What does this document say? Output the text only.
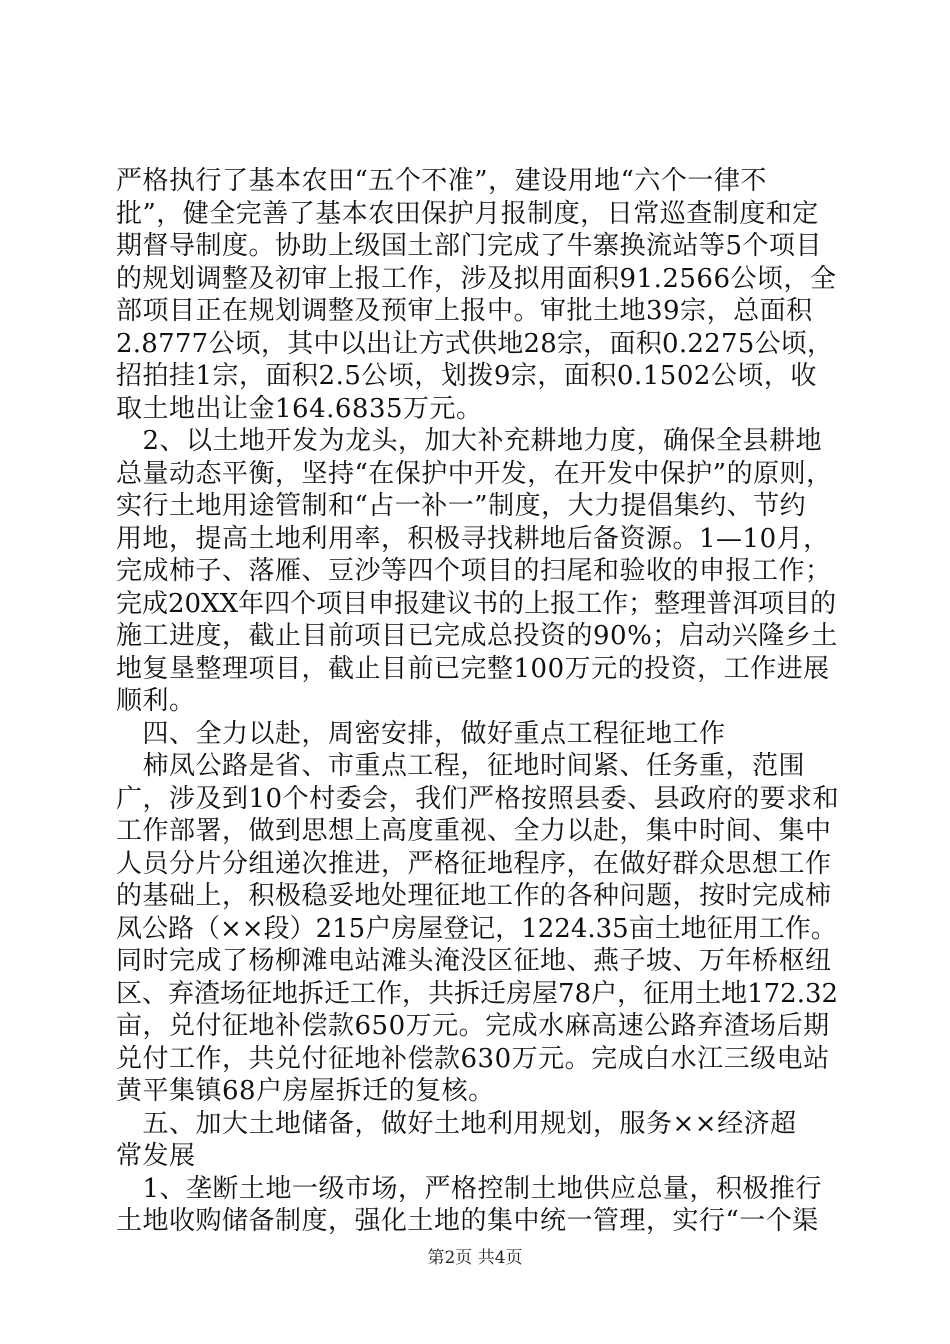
严格执行了基本农田“五个不准”，建设用地“六个一律不
批”，健全完善了基本农田保护月报制度，日常巡查制度和定
期督导制度。协助上级国土部门完成了牛寨换流站等5个项目
的规划调整及初审上报工作，涉及拟用面积91.2566公顷，全
部项目正在规划调整及预审上报中。审批土地39宗，总面积
2.8777公顷，其中以出让方式供地28宗，面积0.2275公顷，
招拍挂1宗，面积2.5公顷，划拨9宗，面积0.1502公顷，收
取土地出让金164.6835万元。
　2、以土地开发为龙头，加大补充耕地力度，确保全县耕地
总量动态平衡，坚持“在保护中开发，在开发中保护”的原则，
实行土地用途管制和“占一补一”制度，大力提倡集约、节约
用地，提高土地利用率，积极寻找耕地后备资源。1—10月，
完成柿子、落雁、豆沙等四个项目的扫尾和验收的申报工作；
完成20XX年四个项目申报建议书的上报工作；整理普洱项目的
施工进度，截止目前项目已完成总投资的90%；启动兴隆乡土
地复垦整理项目，截止目前已完整100万元的投资，工作进展
顺利。
　四、全力以赴，周密安排，做好重点工程征地工作
　柿凤公路是省、市重点工程，征地时间紧、任务重，范围
广，涉及到10个村委会，我们严格按照县委、县政府的要求和
工作部署，做到思想上高度重视、全力以赴，集中时间、集中
人员分片分组递次推进，严格征地程序，在做好群众思想工作
的基础上，积极稳妥地处理征地工作的各种问题，按时完成柿
凤公路（××段）215户房屋登记，1224.35亩土地征用工作。
同时完成了杨柳滩电站滩头淹没区征地、燕子坡、万年桥枢纽
区、弃渣场征地拆迁工作，共拆迁房屋78户，征用土地172.32
亩，兑付征地补偿款650万元。完成水麻高速公路弃渣场后期
兑付工作，共兑付征地补偿款630万元。完成白水江三级电站
黄平集镇68户房屋拆迁的复核。
　五、加大土地储备，做好土地利用规划，服务××经济超
常发展
　1、垄断土地一级市场，严格控制土地供应总量，积极推行
土地收购储备制度，强化土地的集中统一管理，实行“一个渠
第2页 共4页
